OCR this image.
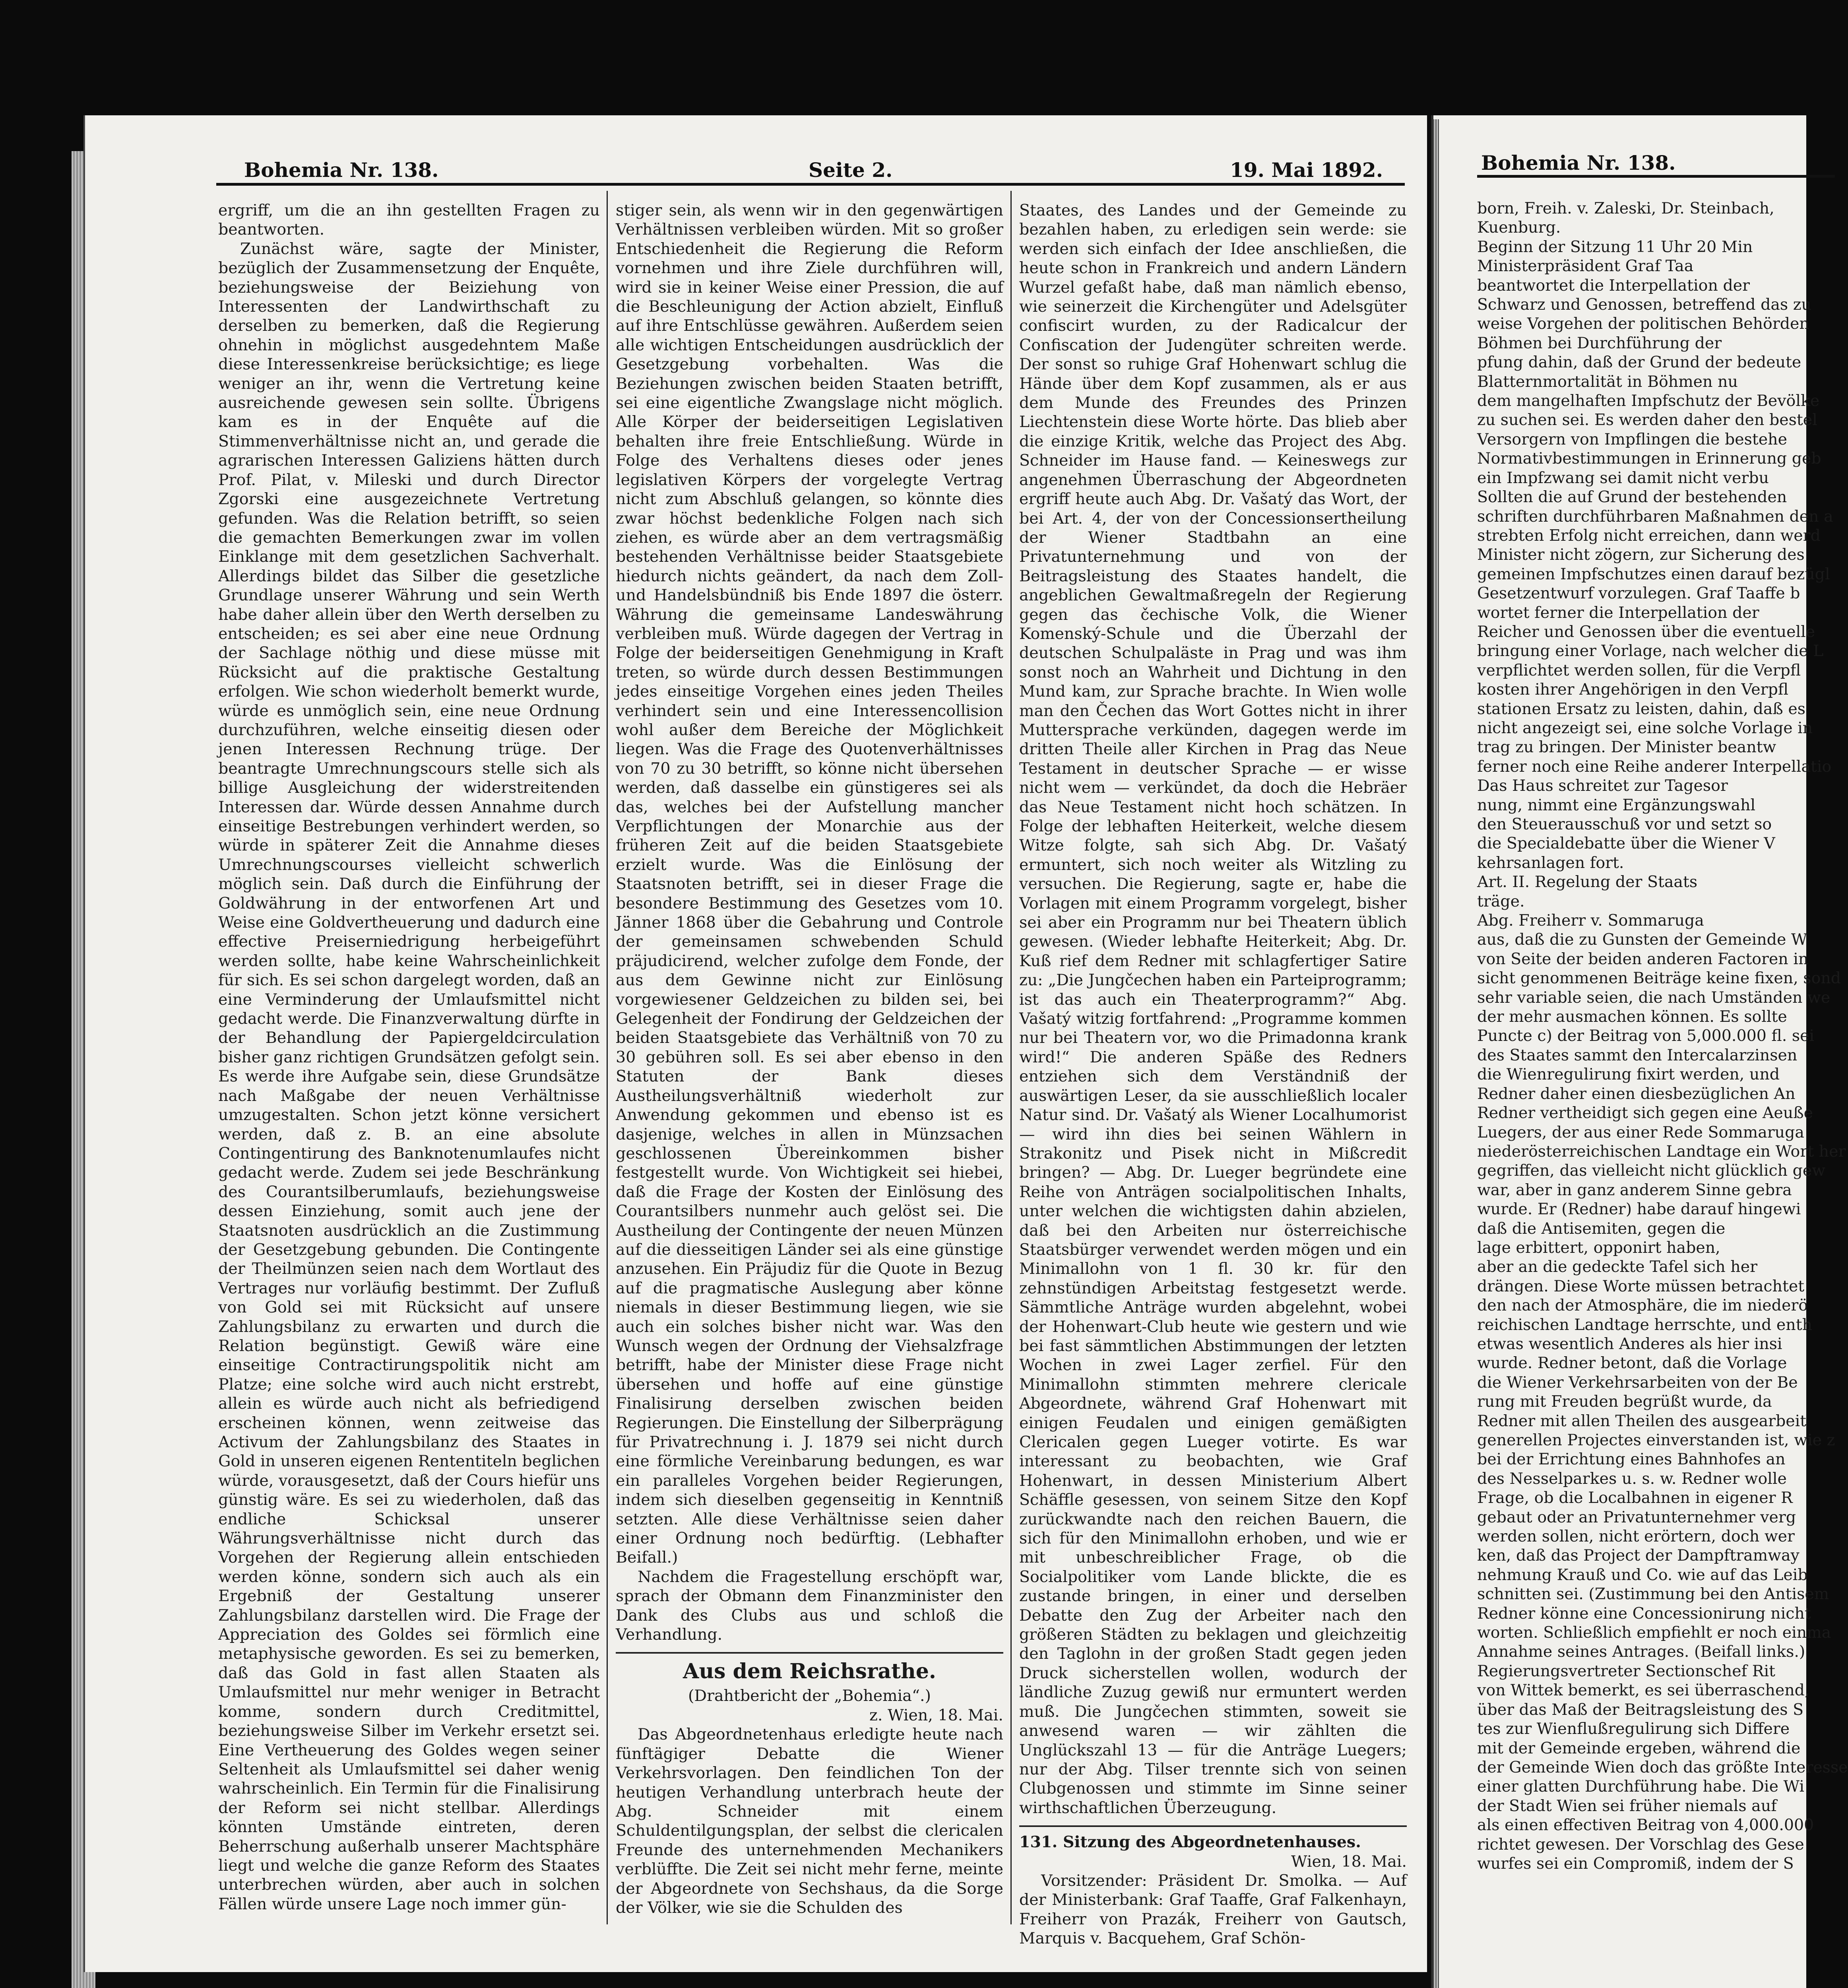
Bohemia Nr. 138.	Seite 2.	19. Mai 1892.

ergriff, um die an ihn gestellten Fragen zu beantworten.

Zunächst wäre, sagte der Minister, bezüglich der Zusammensetzung der Enquête, beziehungsweise der Beiziehung von Interessenten der Landwirthschaft zu derselben zu bemerken, daß die Regierung ohnehin in möglichst ausgedehntem Maße diese Interessenkreise berücksichtige; es liege weniger an ihr, wenn die Vertretung keine ausreichende gewesen sein sollte. Übrigens kam es in der Enquête auf die Stimmenverhältnisse nicht an, und gerade die agrarischen Interessen Galiziens hätten durch Prof. Pilat, v. Mileski und durch Director Zgorski eine ausgezeichnete Vertretung gefunden. Was die Relation betrifft, so seien die gemachten Bemerkungen zwar im vollen Einklange mit dem gesetzlichen Sachverhalt. Allerdings bildet das Silber die gesetzliche Grundlage unserer Währung und sein Werth habe daher allein über den Werth derselben zu entscheiden; es sei aber eine neue Ordnung der Sachlage nöthig und diese müsse mit Rücksicht auf die praktische Gestaltung erfolgen. Wie schon wiederholt bemerkt wurde, würde es unmöglich sein, eine neue Ordnung durchzuführen, welche einseitig diesen oder jenen Interessen Rechnung trüge. Der beantragte Umrechnungscours stelle sich als billige Ausgleichung der widerstreitenden Interessen dar. Würde dessen Annahme durch einseitige Bestrebungen verhindert werden, so würde in späterer Zeit die Annahme dieses Umrechnungscourses vielleicht schwerlich möglich sein. Daß durch die Einführung der Goldwährung in der entworfenen Art und Weise eine Goldvertheuerung und dadurch eine effective Preiserniedrigung herbeigeführt werden sollte, habe keine Wahrscheinlichkeit für sich. Es sei schon dargelegt worden, daß an eine Verminderung der Umlaufsmittel nicht gedacht werde. Die Finanzverwaltung dürfte in der Behandlung der Papiergeldcirculation bisher ganz richtigen Grundsätzen gefolgt sein. Es werde ihre Aufgabe sein, diese Grundsätze nach Maßgabe der neuen Verhältnisse umzugestalten. Schon jetzt könne versichert werden, daß z. B. an eine absolute Contingentirung des Banknotenumlaufes nicht gedacht werde. Zudem sei jede Beschränkung des Courantsilberumlaufs, beziehungsweise dessen Einziehung, somit auch jene der Staatsnoten ausdrücklich an die Zustimmung der Gesetzgebung gebunden. Die Contingente der Theilmünzen seien nach dem Wortlaut des Vertrages nur vorläufig bestimmt. Der Zufluß von Gold sei mit Rücksicht auf unsere Zahlungsbilanz zu erwarten und durch die Relation begünstigt. Gewiß wäre eine einseitige Contractirungspolitik nicht am Platze; eine solche wird auch nicht erstrebt, allein es würde auch nicht als befriedigend erscheinen können, wenn zeitweise das Activum der Zahlungsbilanz des Staates in Gold in unseren eigenen Rententiteln beglichen würde, vorausgesetzt, daß der Cours hiefür uns günstig wäre. Es sei zu wiederholen, daß das endliche Schicksal unserer Währungsverhältnisse nicht durch das Vorgehen der Regierung allein entschieden werden könne, sondern sich auch als ein Ergebniß der Gestaltung unserer Zahlungsbilanz darstellen wird. Die Frage der Appreciation des Goldes sei förmlich eine metaphysische geworden. Es sei zu bemerken, daß das Gold in fast allen Staaten als Umlaufsmittel nur mehr weniger in Betracht komme, sondern durch Creditmittel, beziehungsweise Silber im Verkehr ersetzt sei. Eine Vertheuerung des Goldes wegen seiner Seltenheit als Umlaufsmittel sei daher wenig wahrscheinlich. Ein Termin für die Finalisirung der Reform sei nicht stellbar. Allerdings könnten Umstände eintreten, deren Beherrschung außerhalb unserer Machtsphäre liegt und welche die ganze Reform des Staates unterbrechen würden, aber auch in solchen Fällen würde unsere Lage noch immer gün-

stiger sein, als wenn wir in den gegenwärtigen Verhältnissen verbleiben würden. Mit so großer Entschiedenheit die Regierung die Reform vornehmen und ihre Ziele durchführen will, wird sie in keiner Weise einer Pression, die auf die Beschleunigung der Action abzielt, Einfluß auf ihre Entschlüsse gewähren. Außerdem seien alle wichtigen Entscheidungen ausdrücklich der Gesetzgebung vorbehalten. Was die Beziehungen zwischen beiden Staaten betrifft, sei eine eigentliche Zwangslage nicht möglich. Alle Körper der beiderseitigen Legislativen behalten ihre freie Entschließung. Würde in Folge des Verhaltens dieses oder jenes legislativen Körpers der vorgelegte Vertrag nicht zum Abschluß gelangen, so könnte dies zwar höchst bedenkliche Folgen nach sich ziehen, es würde aber an dem vertragsmäßig bestehenden Verhältnisse beider Staatsgebiete hiedurch nichts geändert, da nach dem Zoll- und Handelsbündniß bis Ende 1897 die österr. Währung die gemeinsame Landeswährung verbleiben muß. Würde dagegen der Vertrag in Folge der beiderseitigen Genehmigung in Kraft treten, so würde durch dessen Bestimmungen jedes einseitige Vorgehen eines jeden Theiles verhindert sein und eine Interessencollision wohl außer dem Bereiche der Möglichkeit liegen. Was die Frage des Quotenverhältnisses von 70 zu 30 betrifft, so könne nicht übersehen werden, daß dasselbe ein günstigeres sei als das, welches bei der Aufstellung mancher Verpflichtungen der Monarchie aus der früheren Zeit auf die beiden Staatsgebiete erzielt wurde. Was die Einlösung der Staatsnoten betrifft, sei in dieser Frage die besondere Bestimmung des Gesetzes vom 10. Jänner 1868 über die Gebahrung und Controle der gemeinsamen schwebenden Schuld präjudicirend, welcher zufolge dem Fonde, der aus dem Gewinne nicht zur Einlösung vorgewiesener Geldzeichen zu bilden sei, bei Gelegenheit der Fondirung der Geldzeichen der beiden Staatsgebiete das Verhältniß von 70 zu 30 gebühren soll. Es sei aber ebenso in den Statuten der Bank dieses Austheilungsverhältniß wiederholt zur Anwendung gekommen und ebenso ist es dasjenige, welches in allen in Münzsachen geschlossenen Übereinkommen bisher festgestellt wurde. Von Wichtigkeit sei hiebei, daß die Frage der Kosten der Einlösung des Courantsilbers nunmehr auch gelöst sei. Die Austheilung der Contingente der neuen Münzen auf die diesseitigen Länder sei als eine günstige anzusehen. Ein Präjudiz für die Quote in Bezug auf die pragmatische Auslegung aber könne niemals in dieser Bestimmung liegen, wie sie auch ein solches bisher nicht war. Was den Wunsch wegen der Ordnung der Viehsalzfrage betrifft, habe der Minister diese Frage nicht übersehen und hoffe auf eine günstige Finalisirung derselben zwischen beiden Regierungen. Die Einstellung der Silberprägung für Privatrechnung i. J. 1879 sei nicht durch eine förmliche Vereinbarung bedungen, es war ein paralleles Vorgehen beider Regierungen, indem sich dieselben gegenseitig in Kenntniß setzten. Alle diese Verhältnisse seien daher einer Ordnung noch bedürftig. (Lebhafter Beifall.)

Nachdem die Fragestellung erschöpft war, sprach der Obmann dem Finanzminister den Dank des Clubs aus und schloß die Verhandlung.

Aus dem Reichsrathe.

(Drahtbericht der „Bohemia“.)

z. Wien, 18. Mai.

Das Abgeordnetenhaus erledigte heute nach fünftägiger Debatte die Wiener Verkehrsvorlagen. Den feindlichen Ton der heutigen Verhandlung unterbrach heute der Abg. Schneider mit einem Schuldentilgungsplan, der selbst die clericalen Freunde des unternehmenden Mechanikers verblüffte. Die Zeit sei nicht mehr ferne, meinte der Abgeordnete von Sechshaus, da die Sorge der Völker, wie sie die Schulden des

Staates, des Landes und der Gemeinde zu bezahlen haben, zu erledigen sein werde: sie werden sich einfach der Idee anschließen, die heute schon in Frankreich und andern Ländern Wurzel gefaßt habe, daß man nämlich ebenso, wie seinerzeit die Kirchengüter und Adelsgüter confiscirt wurden, zu der Radicalcur der Confiscation der Judengüter schreiten werde. Der sonst so ruhige Graf Hohenwart schlug die Hände über dem Kopf zusammen, als er aus dem Munde des Freundes des Prinzen Liechtenstein diese Worte hörte. Das blieb aber die einzige Kritik, welche das Project des Abg. Schneider im Hause fand. — Keineswegs zur angenehmen Überraschung der Abgeordneten ergriff heute auch Abg. Dr. Vašatý das Wort, der bei Art. 4, der von der Concessionsertheilung der Wiener Stadtbahn an eine Privatunternehmung und von der Beitragsleistung des Staates handelt, die angeblichen Gewaltmaßregeln der Regierung gegen das čechische Volk, die Wiener Komenský-Schule und die Überzahl der deutschen Schulpaläste in Prag und was ihm sonst noch an Wahrheit und Dichtung in den Mund kam, zur Sprache brachte. In Wien wolle man den Čechen das Wort Gottes nicht in ihrer Muttersprache verkünden, dagegen werde im dritten Theile aller Kirchen in Prag das Neue Testament in deutscher Sprache — er wisse nicht wem — verkündet, da doch die Hebräer das Neue Testament nicht hoch schätzen. In Folge der lebhaften Heiterkeit, welche diesem Witze folgte, sah sich Abg. Dr. Vašatý ermuntert, sich noch weiter als Witzling zu versuchen. Die Regierung, sagte er, habe die Vorlagen mit einem Programm vorgelegt, bisher sei aber ein Programm nur bei Theatern üblich gewesen. (Wieder lebhafte Heiterkeit; Abg. Dr. Kuß rief dem Redner mit schlagfertiger Satire zu: „Die Jungčechen haben ein Parteiprogramm; ist das auch ein Theaterprogramm?“ Abg. Vašatý witzig fortfahrend: „Programme kommen nur bei Theatern vor, wo die Primadonna krank wird!“ Die anderen Späße des Redners entziehen sich dem Verständniß der auswärtigen Leser, da sie ausschließlich localer Natur sind. Dr. Vašatý als Wiener Localhumorist — wird ihn dies bei seinen Wählern in Strakonitz und Pisek nicht in Mißcredit bringen? — Abg. Dr. Lueger begründete eine Reihe von Anträgen socialpolitischen Inhalts, unter welchen die wichtigsten dahin abzielen, daß bei den Arbeiten nur österreichische Staatsbürger verwendet werden mögen und ein Minimallohn von 1 fl. 30 kr. für den zehnstündigen Arbeitstag festgesetzt werde. Sämmtliche Anträge wurden abgelehnt, wobei der Hohenwart-Club heute wie gestern und wie bei fast sämmtlichen Abstimmungen der letzten Wochen in zwei Lager zerfiel. Für den Minimallohn stimmten mehrere clericale Abgeordnete, während Graf Hohenwart mit einigen Feudalen und einigen gemäßigten Clericalen gegen Lueger votirte. Es war interessant zu beobachten, wie Graf Hohenwart, in dessen Ministerium Albert Schäffle gesessen, von seinem Sitze den Kopf zurückwandte nach den reichen Bauern, die sich für den Minimallohn erhoben, und wie er mit unbeschreiblicher Frage, ob die Socialpolitiker vom Lande blickte, die es zustande bringen, in einer und derselben Debatte den Zug der Arbeiter nach den größeren Städten zu beklagen und gleichzeitig den Taglohn in der großen Stadt gegen jeden Druck sicherstellen wollen, wodurch der ländliche Zuzug gewiß nur ermuntert werden muß. Die Jungčechen stimmten, soweit sie anwesend waren — wir zählten die Unglückszahl 13 — für die Anträge Luegers; nur der Abg. Tilser trennte sich von seinen Clubgenossen und stimmte im Sinne seiner wirthschaftlichen Überzeugung.

131. Sitzung des Abgeordnetenhauses.

Wien, 18. Mai.

Vorsitzender: Präsident Dr. Smolka. — Auf der Ministerbank: Graf Taaffe, Graf Falkenhayn, Freiherr von Prazák, Freiherr von Gautsch, Marquis v. Bacquehem, Graf Schön-

Bohemia Nr. 138.
born, Freih. v. Zaleski, Dr. Steinbach,
Kuenburg.
Beginn der Sitzung 11 Uhr 20 Min
Ministerpräsident Graf Taa
beantwortet die Interpellation der
Schwarz und Genossen, betreffend das zu
weise Vorgehen der politischen Behörden
Böhmen bei Durchführung der
pfung dahin, daß der Grund der bedeute
Blatternmortalität in Böhmen nu
dem mangelhaften Impfschutz der Bevölke
zu suchen sei. Es werden daher den bestel
Versorgern von Impflingen die bestehe
Normativbestimmungen in Erinnerung geb
ein Impfzwang sei damit nicht verbu
Sollten die auf Grund der bestehenden
schriften durchführbaren Maßnahmen den a
strebten Erfolg nicht erreichen, dann werd
Minister nicht zögern, zur Sicherung des
gemeinen Impfschutzes einen darauf bezügl
Gesetzentwurf vorzulegen. Graf Taaffe b
wortet ferner die Interpellation der
Reicher und Genossen über die eventuelle
bringung einer Vorlage, nach welcher die L
verpflichtet werden sollen, für die Verpfl
kosten ihrer Angehörigen in den Verpfl
stationen Ersatz zu leisten, dahin, daß es
nicht angezeigt sei, eine solche Vorlage in
trag zu bringen. Der Minister beantw
ferner noch eine Reihe anderer Interpellatio
Das Haus schreitet zur Tagesor
nung, nimmt eine Ergänzungswahl
den Steuerausschuß vor und setzt so
die Specialdebatte über die Wiener V
kehrsanlagen fort.
Art. II. Regelung der Staats
träge.
Abg. Freiherr v. Sommaruga
aus, daß die zu Gunsten der Gemeinde W
von Seite der beiden anderen Factoren in
sicht genommenen Beiträge keine fixen, sond
sehr variable seien, die nach Umständen we
der mehr ausmachen können. Es sollte
Puncte c) der Beitrag von 5,000.000 fl. sei
des Staates sammt den Intercalarzinsen
die Wienregulirung fixirt werden, und
Redner daher einen diesbezüglichen An
Redner vertheidigt sich gegen eine Aeuße
Luegers, der aus einer Rede Sommaruga
niederösterreichischen Landtage ein Wort her
gegriffen, das vielleicht nicht glücklich gew
war, aber in ganz anderem Sinne gebra
wurde. Er (Redner) habe darauf hingewi
daß die Antisemiten, gegen die
lage erbittert, opponirt haben,
aber an die gedeckte Tafel sich her
drängen. Diese Worte müssen betrachtet
den nach der Atmosphäre, die im niederö
reichischen Landtage herrschte, und enth
etwas wesentlich Anderes als hier insi
wurde. Redner betont, daß die Vorlage
die Wiener Verkehrsarbeiten von der Be
rung mit Freuden begrüßt wurde, da
Redner mit allen Theilen des ausgearbeit
generellen Projectes einverstanden ist, wie z
bei der Errichtung eines Bahnhofes an
des Nesselparkes u. s. w. Redner wolle
Frage, ob die Localbahnen in eigener R
gebaut oder an Privatunternehmer verg
werden sollen, nicht erörtern, doch wer
ken, daß das Project der Dampftramway
nehmung Krauß und Co. wie auf das Leib
schnitten sei. (Zustimmung bei den Antisem
Redner könne eine Concessionirung nicht
worten. Schließlich empfiehlt er noch einma
Annahme seines Antrages. (Beifall links.)
Regierungsvertreter Sectionschef Rit
von Wittek bemerkt, es sei überraschend,
über das Maß der Beitragsleistung des S
tes zur Wienflußregulirung sich Differe
mit der Gemeinde ergeben, während die
der Gemeinde Wien doch das größte Interesse
einer glatten Durchführung habe. Die Wi
der Stadt Wien sei früher niemals auf
als einen effectiven Beitrag von 4,000.000
richtet gewesen. Der Vorschlag des Gese
wurfes sei ein Compromiß, indem der S
